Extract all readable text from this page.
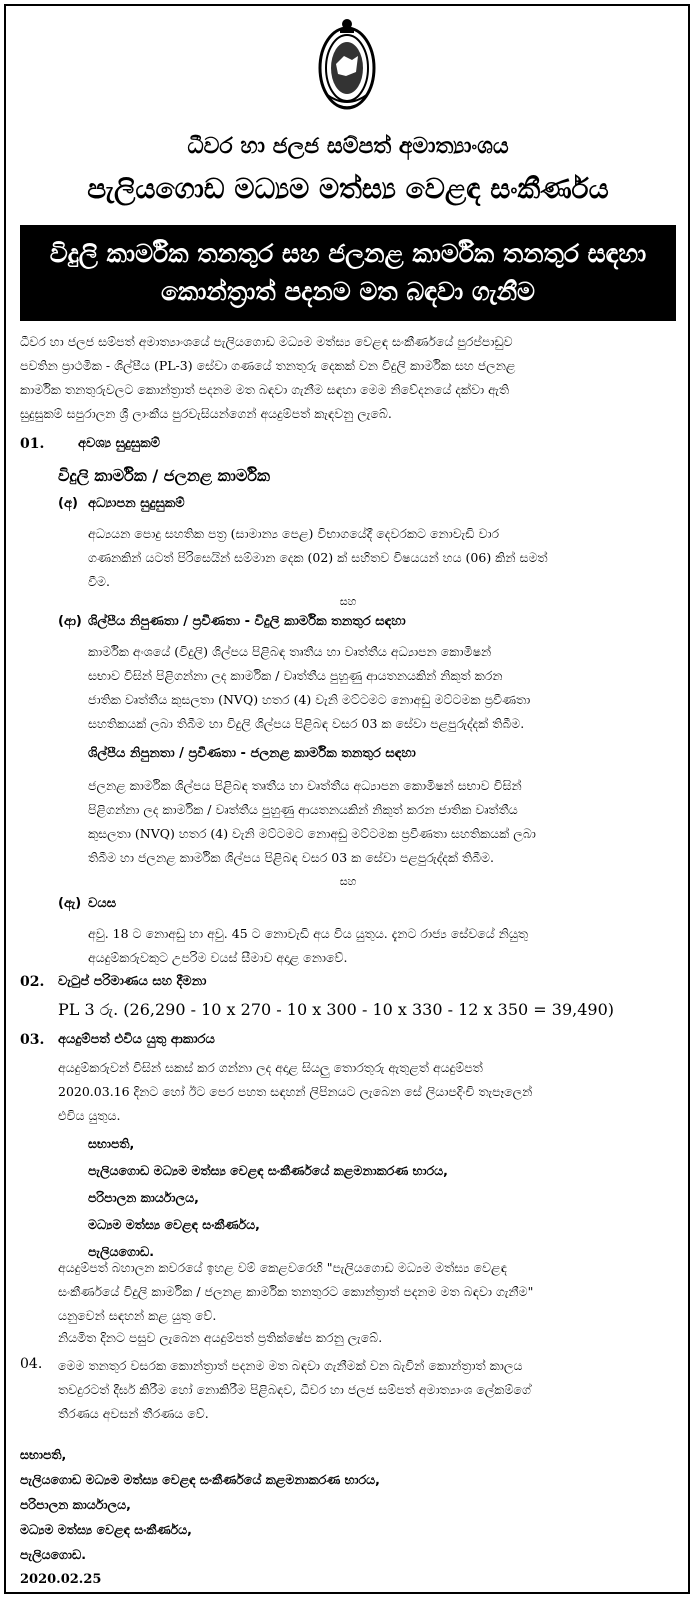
ධීවර හා ජලජ සම්පත් අමාත්‍යාංශය
පැලියගොඩ මධ්‍යම මත්ස්‍ය වෙළඳ සංකීර්ණය
විදුලි කාර්මික තනතුර සහ ජලනළ කාර්මික තනතුර සඳහා
කොන්ත්‍රාත් පදනම මත බඳවා ගැනීම
ධීවර හා ජලජ සම්පත් අමාත්‍යාංශයේ පැලියගොඩ මධ්‍යම මත්ස්‍ය වෙළඳ සංකීර්ණයේ පුරප්පාඩුව
පවතින ප්‍රාථමික - ශිල්පීය (PL-3) සේවා ගණයේ තනතුරු දෙකක් වන විදුලි කාර්මික සහ ජලනළ
කාර්මික තනතුරුවලට කොන්ත්‍රාත් පදනම මත බඳවා ගැනීම සඳහා මෙම නිවේදනයේ දක්වා ඇති
සුදුසුකම් සපුරාලන ශ්‍රී ලාංකීය පුරවැසියන්ගෙන් අයදුම්පත් කැඳවනු ලැබේ.
01.	අවශ්‍ය සුදුසුකම්
විදුලි කාර්මික / ජලනළ කාර්මික
(අ) අධ්‍යාපන සුදුසුකම්
අධ්‍යයන පොදු සහතික පත්‍ර (සාමාන්‍ය පෙළ) විභාගයේදී දෙවරකට නොවැඩි වාර
ගණනකින් යටත් පිරිසෙයින් සම්මාන දෙක (02) ක් සහිතව විෂයයන් හය (06) කින් සමත්
වීම.
සහ
(ආ) ශිල්පීය නිපුණතා / ප්‍රවීණතා - විදුලි කාර්මික තනතුර සඳහා
කාර්මික අංශයේ (විදුලි) ශිල්පය පිළිබඳ තෘතීය හා වෘත්තීය අධ්‍යාපන කොමිෂන්
සභාව විසින් පිළිගන්නා ලද කාර්මික / වෘත්තීය පුහුණු ආයතනයකින් නිකුත් කරන
ජාතික වෘත්තීය කුසලතා (NVQ) හතර (4) වැනි මට්ටමට නොඅඩු මට්ටමක ප්‍රවීණතා
සහතිකයක් ලබා තිබීම හා විදුලි ශිල්පය පිළිබඳ වසර 03 ක සේවා පළපුරුද්දක් තිබීම.
ශිල්පීය නිපුනතා / ප්‍රවීණතා - ජලනළ කාර්මික තනතුර සඳහා
ජලනළ කාර්මික ශිල්පය පිළිබඳ තෘතීය හා වෘත්තීය අධ්‍යාපන කොමිෂන් සභාව විසින්
පිළිගන්නා ලද කාර්මික / වෘත්තීය පුහුණු ආයතනයකින් නිකුත් කරන ජාතික වෘත්තීය
කුසලතා (NVQ) හතර (4) වැනි මට්ටමට නොඅඩු මට්ටමක ප්‍රවීණතා සහතිකයක් ලබා
තිබීම හා ජලනළ කාර්මික ශිල්පය පිළිබඳ වසර 03 ක සේවා පළපුරුද්දක් තිබීම.
සහ
(ඇ) වයස
අවු. 18 ට නොඅඩු හා අවු. 45 ට නොවැඩි අය විය යුතුය. දැනට රාජ්‍ය සේවයේ නියුතු
අයදුම්කරුවකුට උපරිම වයස් සීමාව අදාළ නොවේ.
02. වැටුප් පරිමාණය සහ දීමනා
PL 3 රු. (26,290 - 10 x 270 - 10 x 300 - 10 x 330 - 12 x 350 = 39,490)
03. අයදුම්පත් එවිය යුතු ආකාරය
අයදුම්කරුවන් විසින් සකස් කර ගන්නා ලද අදාළ සියලු තොරතුරු ඇතුළත් අයදුම්පත්
2020.03.16 දිනට හෝ ඊට පෙර පහත සඳහන් ලිපිනයට ලැබෙන සේ ලියාපදිංචි තැපෑලෙන්
එවිය යුතුය.
සභාපති,
පැලියගොඩ මධ්‍යම මත්ස්‍ය වෙළඳ සංකීර්ණයේ කළමනාකරණ භාරය,
පරිපාලන කාර්යාලය,
මධ්‍යම මත්ස්‍ය වෙළඳ සංකීර්ණය,
පැලියගොඩ.
අයදුම්පත් බහාලන කවරයේ ඉහළ වම් කෙළවරෙහි "පැලියගොඩ මධ්‍යම මත්ස්‍ය වෙළඳ
සංකීර්ණයේ විදුලි කාර්මික / ජලනළ කාර්මික තනතුරට කොන්ත්‍රාත් පදනම මත බඳවා ගැනීම"
යනුවෙන් සඳහන් කළ යුතු වේ.
නියමිත දිනට පසුව ලැබෙන අයදුම්පත් ප්‍රතික්ෂේප කරනු ලැබේ.
04. මෙම තනතුර වසරක කොන්ත්‍රාත් පදනම මත බඳවා ගැනීමක් වන බැවින් කොන්ත්‍රාත් කාලය
තවදුරටත් දීර්ඝ කිරීම හෝ නොකිරීම පිළිබඳව, ධීවර හා ජලජ සම්පත් අමාත්‍යාංශ ලේකම්ගේ
තීරණය අවසන් තීරණය වේ.
සභාපති,
පැලියගොඩ මධ්‍යම මත්ස්‍ය වෙළඳ සංකීර්ණයේ කළමනාකරණ භාරය,
පරිපාලන කාර්යාලය,
මධ්‍යම මත්ස්‍ය වෙළඳ සංකීර්ණය,
පැලියගොඩ.
2020.02.25
